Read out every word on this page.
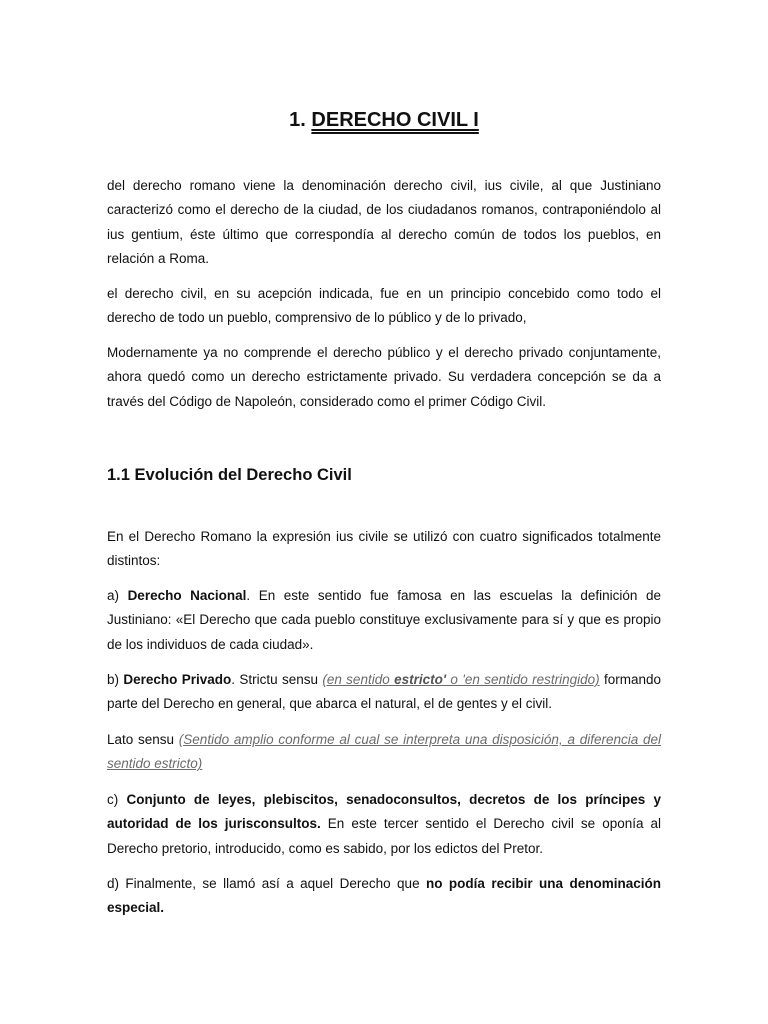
1. DERECHO CIVIL I

del derecho romano viene la denominación derecho civil, ius civile, al que Justiniano caracterizó como el derecho de la ciudad, de los ciudadanos romanos, contraponiéndolo al ius gentium, éste último que correspondía al derecho común de todos los pueblos, en relación a Roma.

el derecho civil, en su acepción indicada, fue en un principio concebido como todo el derecho de todo un pueblo, comprensivo de lo público y de lo privado,

Modernamente ya no comprende el derecho público y el derecho privado conjuntamente, ahora quedó como un derecho estrictamente privado. Su verdadera concepción se da a través del Código de Napoleón, considerado como el primer Código Civil.

1.1 Evolución del Derecho Civil

En el Derecho Romano la expresión ius civile se utilizó con cuatro significados totalmente distintos:

a) Derecho Nacional. En este sentido fue famosa en las escuelas la definición de Justiniano: «El Derecho que cada pueblo constituye exclusivamente para sí y que es propio de los individuos de cada ciudad».

b) Derecho Privado. Strictu sensu (en sentido estricto' o 'en sentido restringido) formando parte del Derecho en general, que abarca el natural, el de gentes y el civil.

Lato sensu (Sentido amplio conforme al cual se interpreta una disposición, a diferencia del sentido estricto)

c) Conjunto de leyes, plebiscitos, senadoconsultos, decretos de los príncipes y autoridad de los jurisconsultos. En este tercer sentido el Derecho civil se oponía al Derecho pretorio, introducido, como es sabido, por los edictos del Pretor.

d) Finalmente, se llamó así a aquel Derecho que no podía recibir una denominación especial.
